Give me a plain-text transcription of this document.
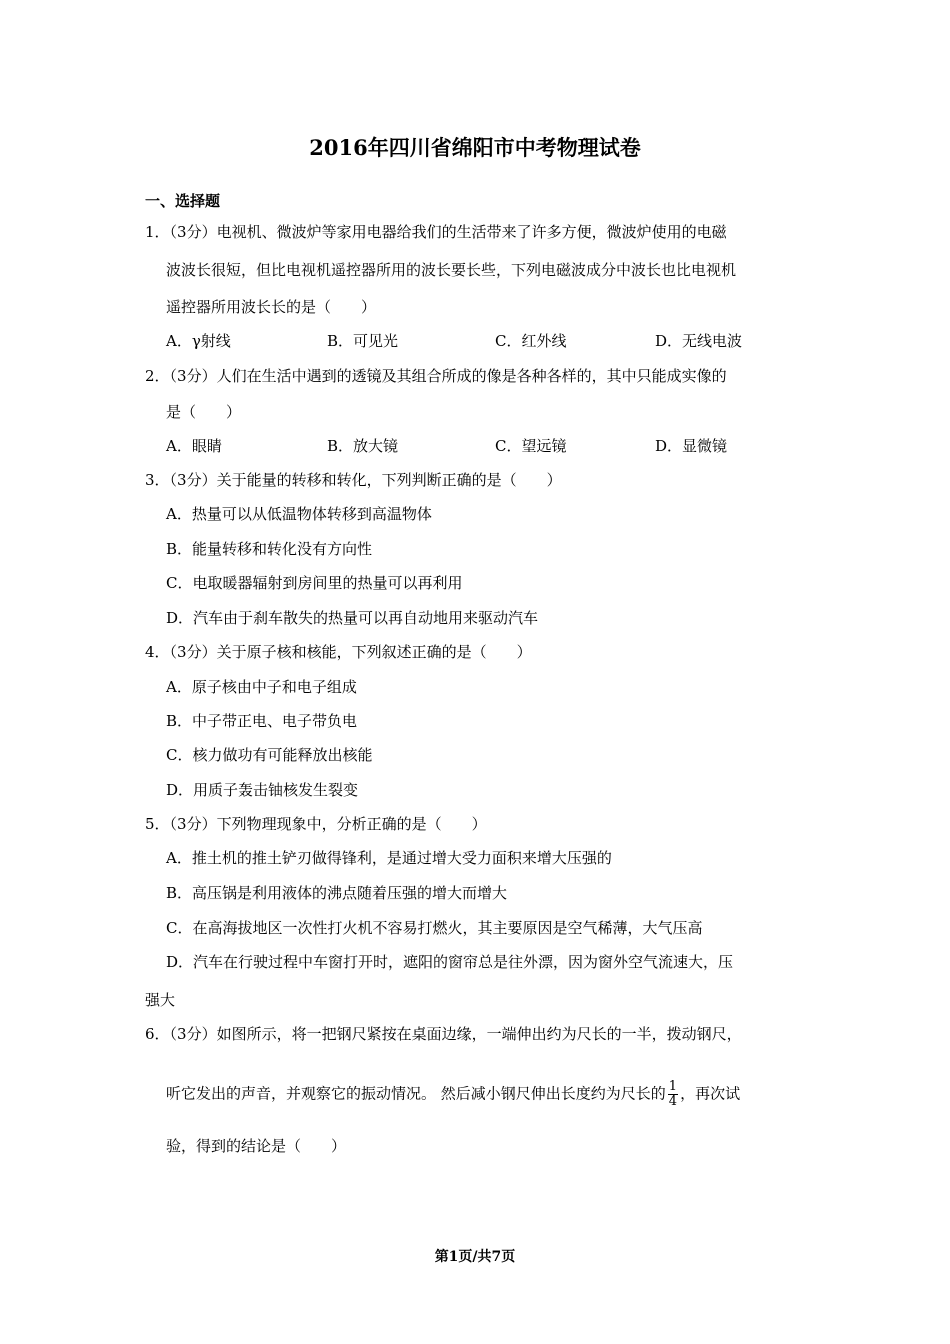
2016年四川省绵阳市中考物理试卷
一、选择题
1．（3分）电视机、微波炉等家用电器给我们的生活带来了许多方便，微波炉使用的电磁
波波长很短，但比电视机遥控器所用的波长要长些，下列电磁波成分中波长也比电视机
遥控器所用波长长的是（　　）
A．γ射线	B．可见光	C．红外线	D．无线电波
2．（3分）人们在生活中遇到的透镜及其组合所成的像是各种各样的，其中只能成实像的
是（　　）
A．眼睛	B．放大镜	C．望远镜	D．显微镜
3．（3分）关于能量的转移和转化，下列判断正确的是（　　）
A．热量可以从低温物体转移到高温物体
B．能量转移和转化没有方向性
C．电取暖器辐射到房间里的热量可以再利用
D．汽车由于刹车散失的热量可以再自动地用来驱动汽车
4．（3分）关于原子核和核能，下列叙述正确的是（　　）
A．原子核由中子和电子组成
B．中子带正电、电子带负电
C．核力做功有可能释放出核能
D．用质子轰击铀核发生裂变
5．（3分）下列物理现象中，分析正确的是（　　）
A．推土机的推土铲刃做得锋利，是通过增大受力面积来增大压强的
B．高压锅是利用液体的沸点随着压强的增大而增大
C．在高海拔地区一次性打火机不容易打燃火，其主要原因是空气稀薄，大气压高
D．汽车在行驶过程中车窗打开时，遮阳的窗帘总是往外漂，因为窗外空气流速大，压
强大
6．（3分）如图所示，将一把钢尺紧按在桌面边缘，一端伸出约为尺长的一半，拨动钢尺，
听它发出的声音，并观察它的振动情况。 然后减小钢尺伸出长度约为尺长的 $\frac{1}{4}$ ，再次试
验，得到的结论是（　　）
第1页/共7页
